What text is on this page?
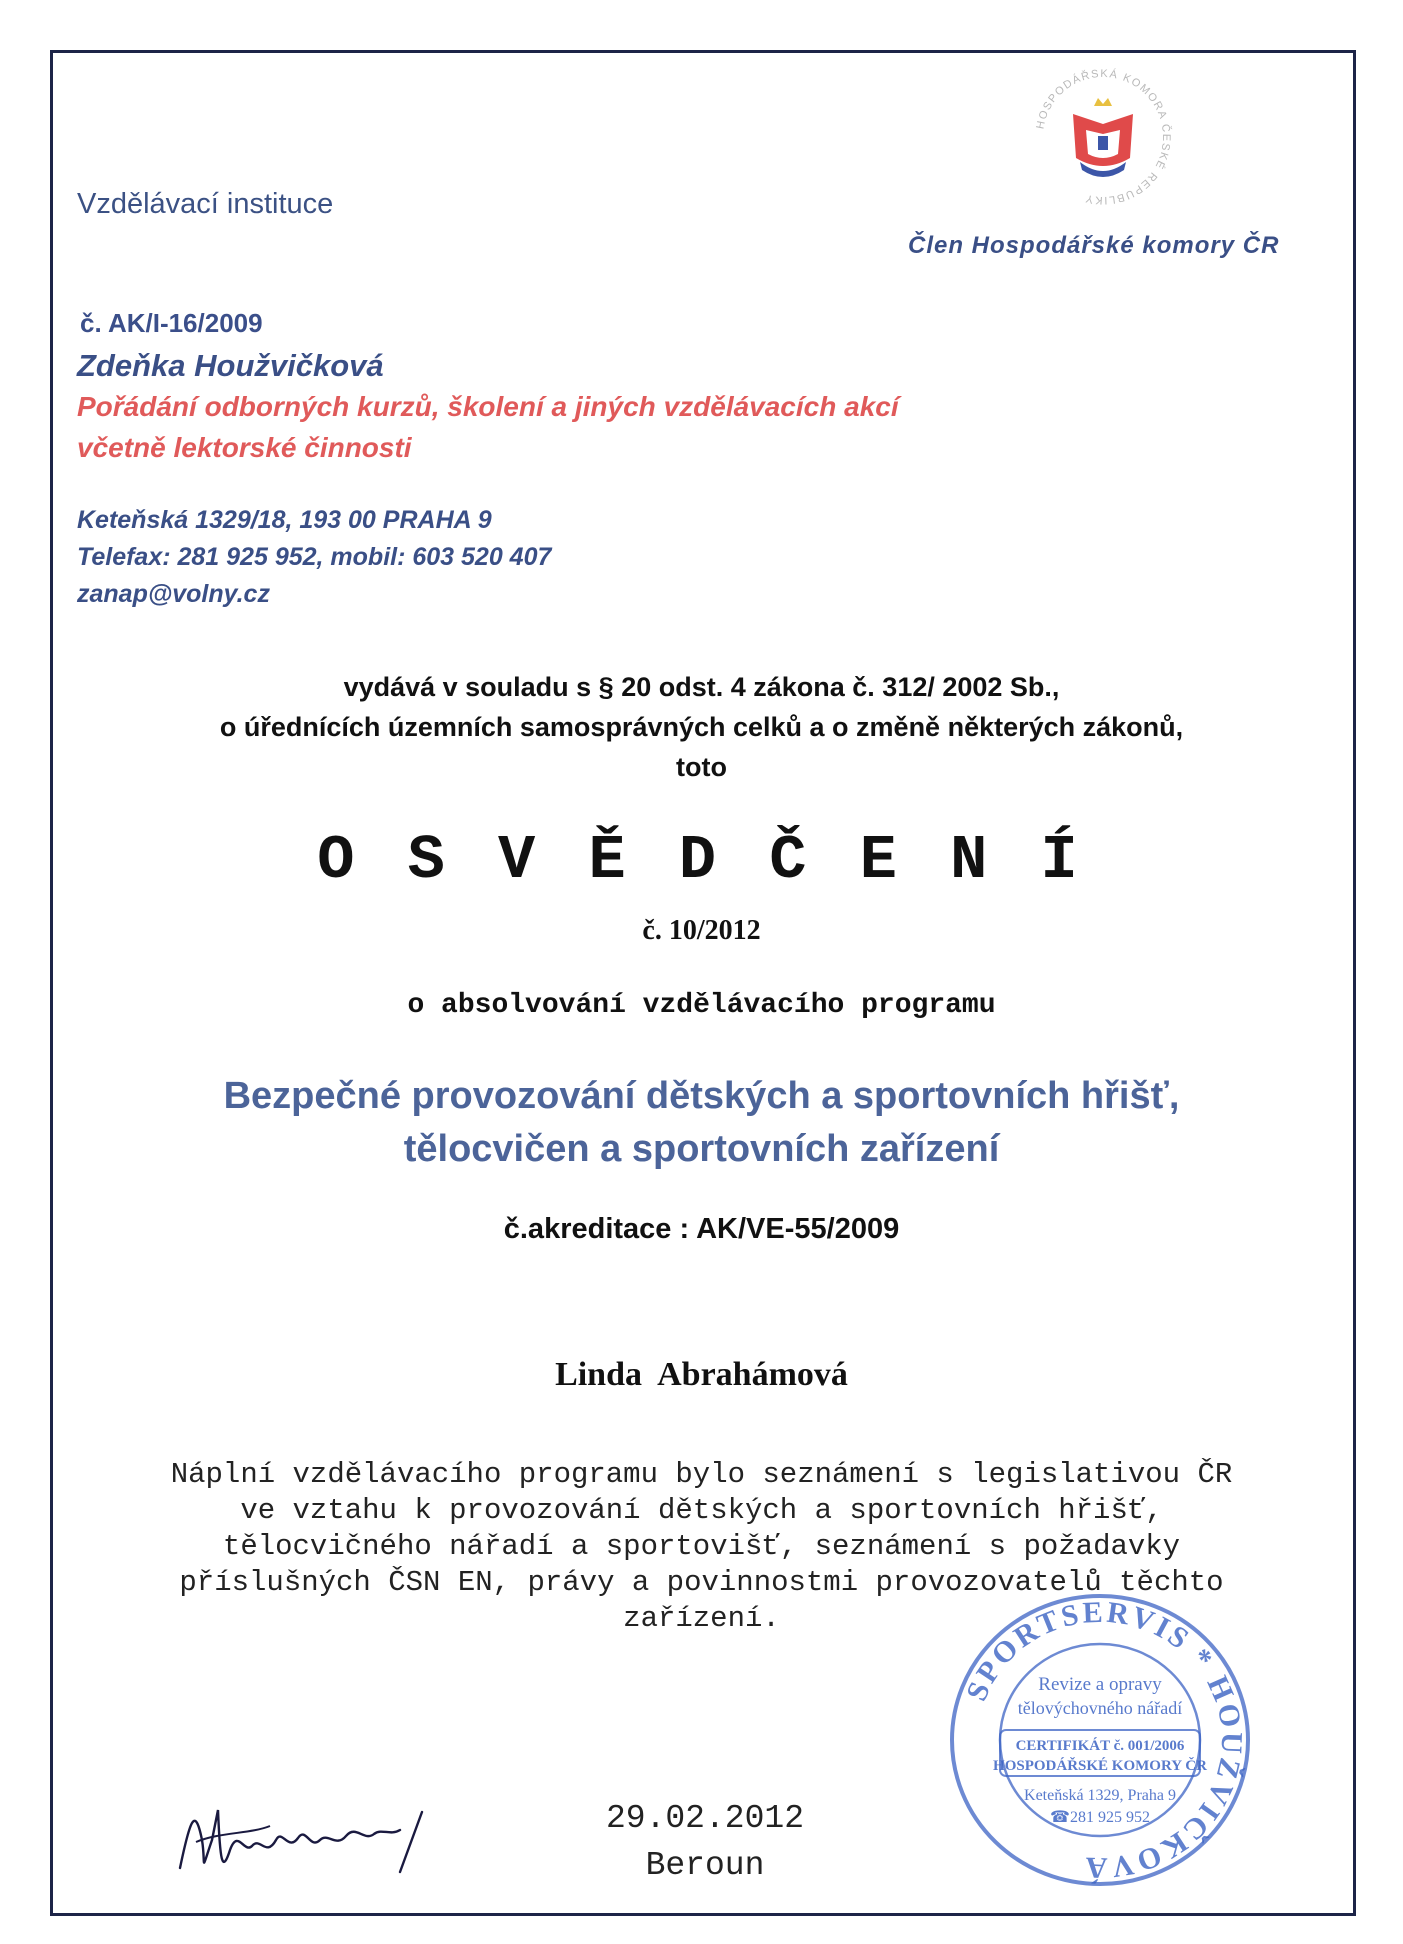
HOSPODÁŘSKÁ KOMORA ČESKÉ REPUBLIKY
Vzdělávací instituce
Člen Hospodářské komory ČR
č. AK/I-16/2009
Zdeňka Houžvičková
Pořádání odborných kurzů, školení a jiných vzdělávacích akcí
včetně lektorské činnosti
Keteňská 1329/18, 193 00 PRAHA 9
Telefax: 281 925 952, mobil: 603 520 407
zanap@volny.cz
vydává v souladu s § 20 odst. 4 zákona č. 312/ 2002 Sb.,
o úřednících územních samosprávných celků a o změně některých zákonů,
toto
O S V Ě D Č E N Í
č. 10/2012
o absolvování vzdělávacího programu
Bezpečné provozování dětských a sportovních hřišť,
tělocvičen a sportovních zařízení
č.akreditace : AK/VE-55/2009
Linda  Abrahámová
Náplní vzdělávacího programu bylo seznámení s legislativou ČR
ve vztahu k provozování dětských a sportovních hřišť,
tělocvičného nářadí a sportovišť, seznámení s požadavky
příslušných ČSN EN, právy a povinnostmi provozovatelů těchto
zařízení.
29.02.2012
Beroun
SPORTSERVIS * HOUŽVIČKOVÁ
Revize a opravy
tělovýchovného nářadí
CERTIFIKÁT č. 001/2006
HOSPODÁŘSKÉ KOMORY ČR
Keteňská 1329, Praha 9
☎281 925 952
